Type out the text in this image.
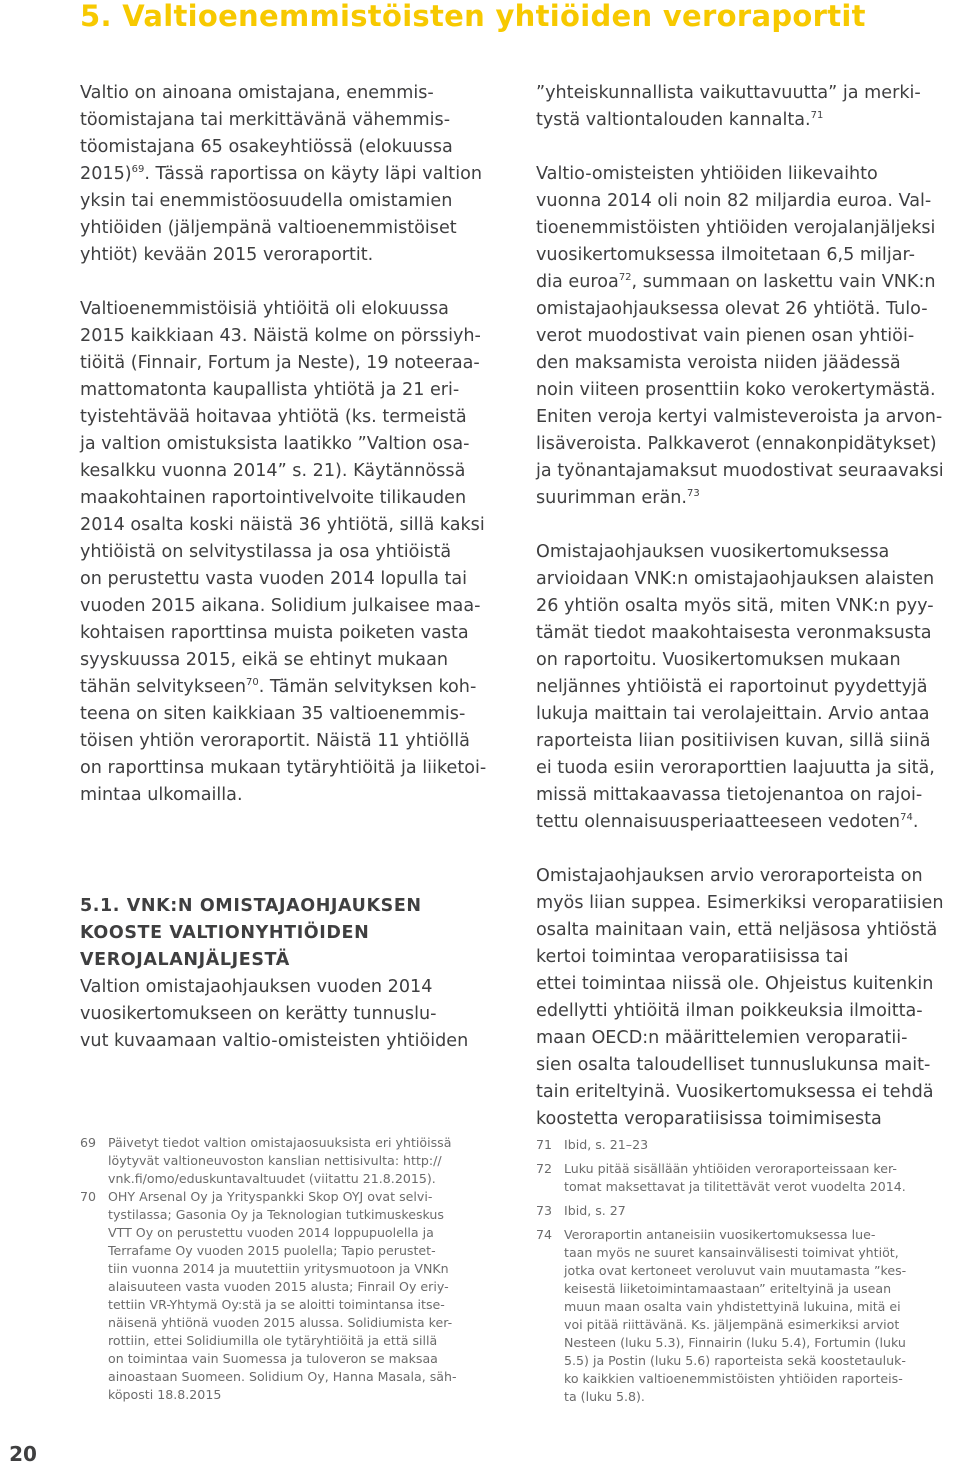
5. Valtioenemmistöisten yhtiöiden veroraportit

Valtio on ainoana omistajana, enemmis-
töomistajana tai merkittävänä vähemmis-
töomistajana 65 osakeyhtiössä (elokuussa
2015)$^{69}$. Tässä raportissa on käyty läpi valtion
yksin tai enemmistöosuudella omistamien
yhtiöiden (jäljempänä valtioenemmistöiset
yhtiöt) kevään 2015 veroraportit.

Valtioenemmistöisiä yhtiöitä oli elokuussa
2015 kaikkiaan 43. Näistä kolme on pörssiyh-
tiöitä (Finnair, Fortum ja Neste), 19 noteeraa-
mattomatonta kaupallista yhtiötä ja 21 eri-
tyistehtävää hoitavaa yhtiötä (ks. termeistä
ja valtion omistuksista laatikko ”Valtion osa-
kesalkku vuonna 2014” s. 21). Käytännössä
maakohtainen raportointivelvoite tilikauden
2014 osalta koski näistä 36 yhtiötä, sillä kaksi
yhtiöistä on selvitystilassa ja osa yhtiöistä
on perustettu vasta vuoden 2014 lopulla tai
vuoden 2015 aikana. Solidium julkaisee maa-
kohtaisen raporttinsa muista poiketen vasta
syyskuussa 2015, eikä se ehtinyt mukaan
tähän selvitykseen$^{70}$. Tämän selvityksen koh-
teena on siten kaikkiaan 35 valtioenemmis-
töisen yhtiön veroraportit. Näistä 11 yhtiöllä
on raporttinsa mukaan tytäryhtiöitä ja liiketoi-
mintaa ulkomailla.

5.1. VNK:N OMISTAJAOHJAUKSEN
KOOSTE VALTIONYHTIÖIDEN
VEROJALANJÄLJESTÄ

Valtion omistajaohjauksen vuoden 2014
vuosikertomukseen on kerätty tunnuslu-
vut kuvaamaan valtio-omisteisten yhtiöiden

”yhteiskunnallista vaikuttavuutta” ja merki-
tystä valtiontalouden kannalta.$^{71}$

Valtio-omisteisten yhtiöiden liikevaihto
vuonna 2014 oli noin 82 miljardia euroa. Val-
tioenemmistöisten yhtiöiden verojalanjäljeksi
vuosikertomuksessa ilmoitetaan 6,5 miljar-
dia euroa$^{72}$, summaan on laskettu vain VNK:n
omistajaohjauksessa olevat 26 yhtiötä. Tulo-
verot muodostivat vain pienen osan yhtiöi-
den maksamista veroista niiden jäädessä
noin viiteen prosenttiin koko verokertymästä.
Eniten veroja kertyi valmisteveroista ja arvon-
lisäveroista. Palkkaverot (ennakonpidätykset)
ja työnantajamaksut muodostivat seuraavaksi
suurimman erän.$^{73}$

Omistajaohjauksen vuosikertomuksessa
arvioidaan VNK:n omistajaohjauksen alaisten
26 yhtiön osalta myös sitä, miten VNK:n pyy-
tämät tiedot maakohtaisesta veronmaksusta
on raportoitu. Vuosikertomuksen mukaan
neljännes yhtiöistä ei raportoinut pyydettyjä
lukuja maittain tai verolajeittain. Arvio antaa
raporteista liian positiivisen kuvan, sillä siinä
ei tuoda esiin veroraporttien laajuutta ja sitä,
missä mittakaavassa tietojenantoa on rajoi-
tettu olennaisuusperiaatteeseen vedoten$^{74}$.

Omistajaohjauksen arvio veroraporteista on
myös liian suppea. Esimerkiksi veroparatiisien
osalta mainitaan vain, että neljäsosa yhtiöstä
kertoi toimintaa veroparatiisissa tai
ettei toimintaa niissä ole. Ohjeistus kuitenkin
edellytti yhtiöitä ilman poikkeuksia ilmoitta-
maan OECD:n määrittelemien veroparatii-
sien osalta taloudelliset tunnuslukunsa mait-
tain eriteltyinä. Vuosikertomuksessa ei tehdä
koostetta veroparatiisissa toimimisesta

69 Päivetyt tiedot valtion omistajaosuuksista eri yhtiöissä
löytyvät valtioneuvoston kanslian nettisivulta: http://
vnk.fi/omo/eduskuntavaltuudet (viitattu 21.8.2015).
70 OHY Arsenal Oy ja Yrityspankki Skop OYJ ovat selvi-
tystilassa; Gasonia Oy ja Teknologian tutkimuskeskus
VTT Oy on perustettu vuoden 2014 loppupuolella ja
Terrafame Oy vuoden 2015 puolella; Tapio perustet-
tiin vuonna 2014 ja muutettiin yritysmuotoon ja VNKn
alaisuuteen vasta vuoden 2015 alusta; Finrail Oy eriy-
tettiin VR-Yhtymä Oy:stä ja se aloitti toimintansa itse-
näisenä yhtiönä vuoden 2015 alussa. Solidiumista ker-
rottiin, ettei Solidiumilla ole tytäryhtiöitä ja että sillä
on toimintaa vain Suomessa ja tuloveron se maksaa
ainoastaan Suomeen. Solidium Oy, Hanna Masala, säh-
köposti 18.8.2015
71 Ibid, s. 21–23
72 Luku pitää sisällään yhtiöiden veroraporteissaan ker-
tomat maksettavat ja tilitettävät verot vuodelta 2014.
73 Ibid, s. 27
74 Veroraportin antaneisiin vuosikertomuksessa lue-
taan myös ne suuret kansainvälisesti toimivat yhtiöt,
jotka ovat kertoneet veroluvut vain muutamasta ”kes-
keisestä liiketoimintamaastaan” eriteltyinä ja usean
muun maan osalta vain yhdistettyinä lukuina, mitä ei
voi pitää riittävänä. Ks. jäljempänä esimerkiksi arviot
Nesteen (luku 5.3), Finnairin (luku 5.4), Fortumin (luku
5.5) ja Postin (luku 5.6) raporteista sekä koostetauluk-
ko kaikkien valtioenemmistöisten yhtiöiden raporteis-
ta (luku 5.8).
20
